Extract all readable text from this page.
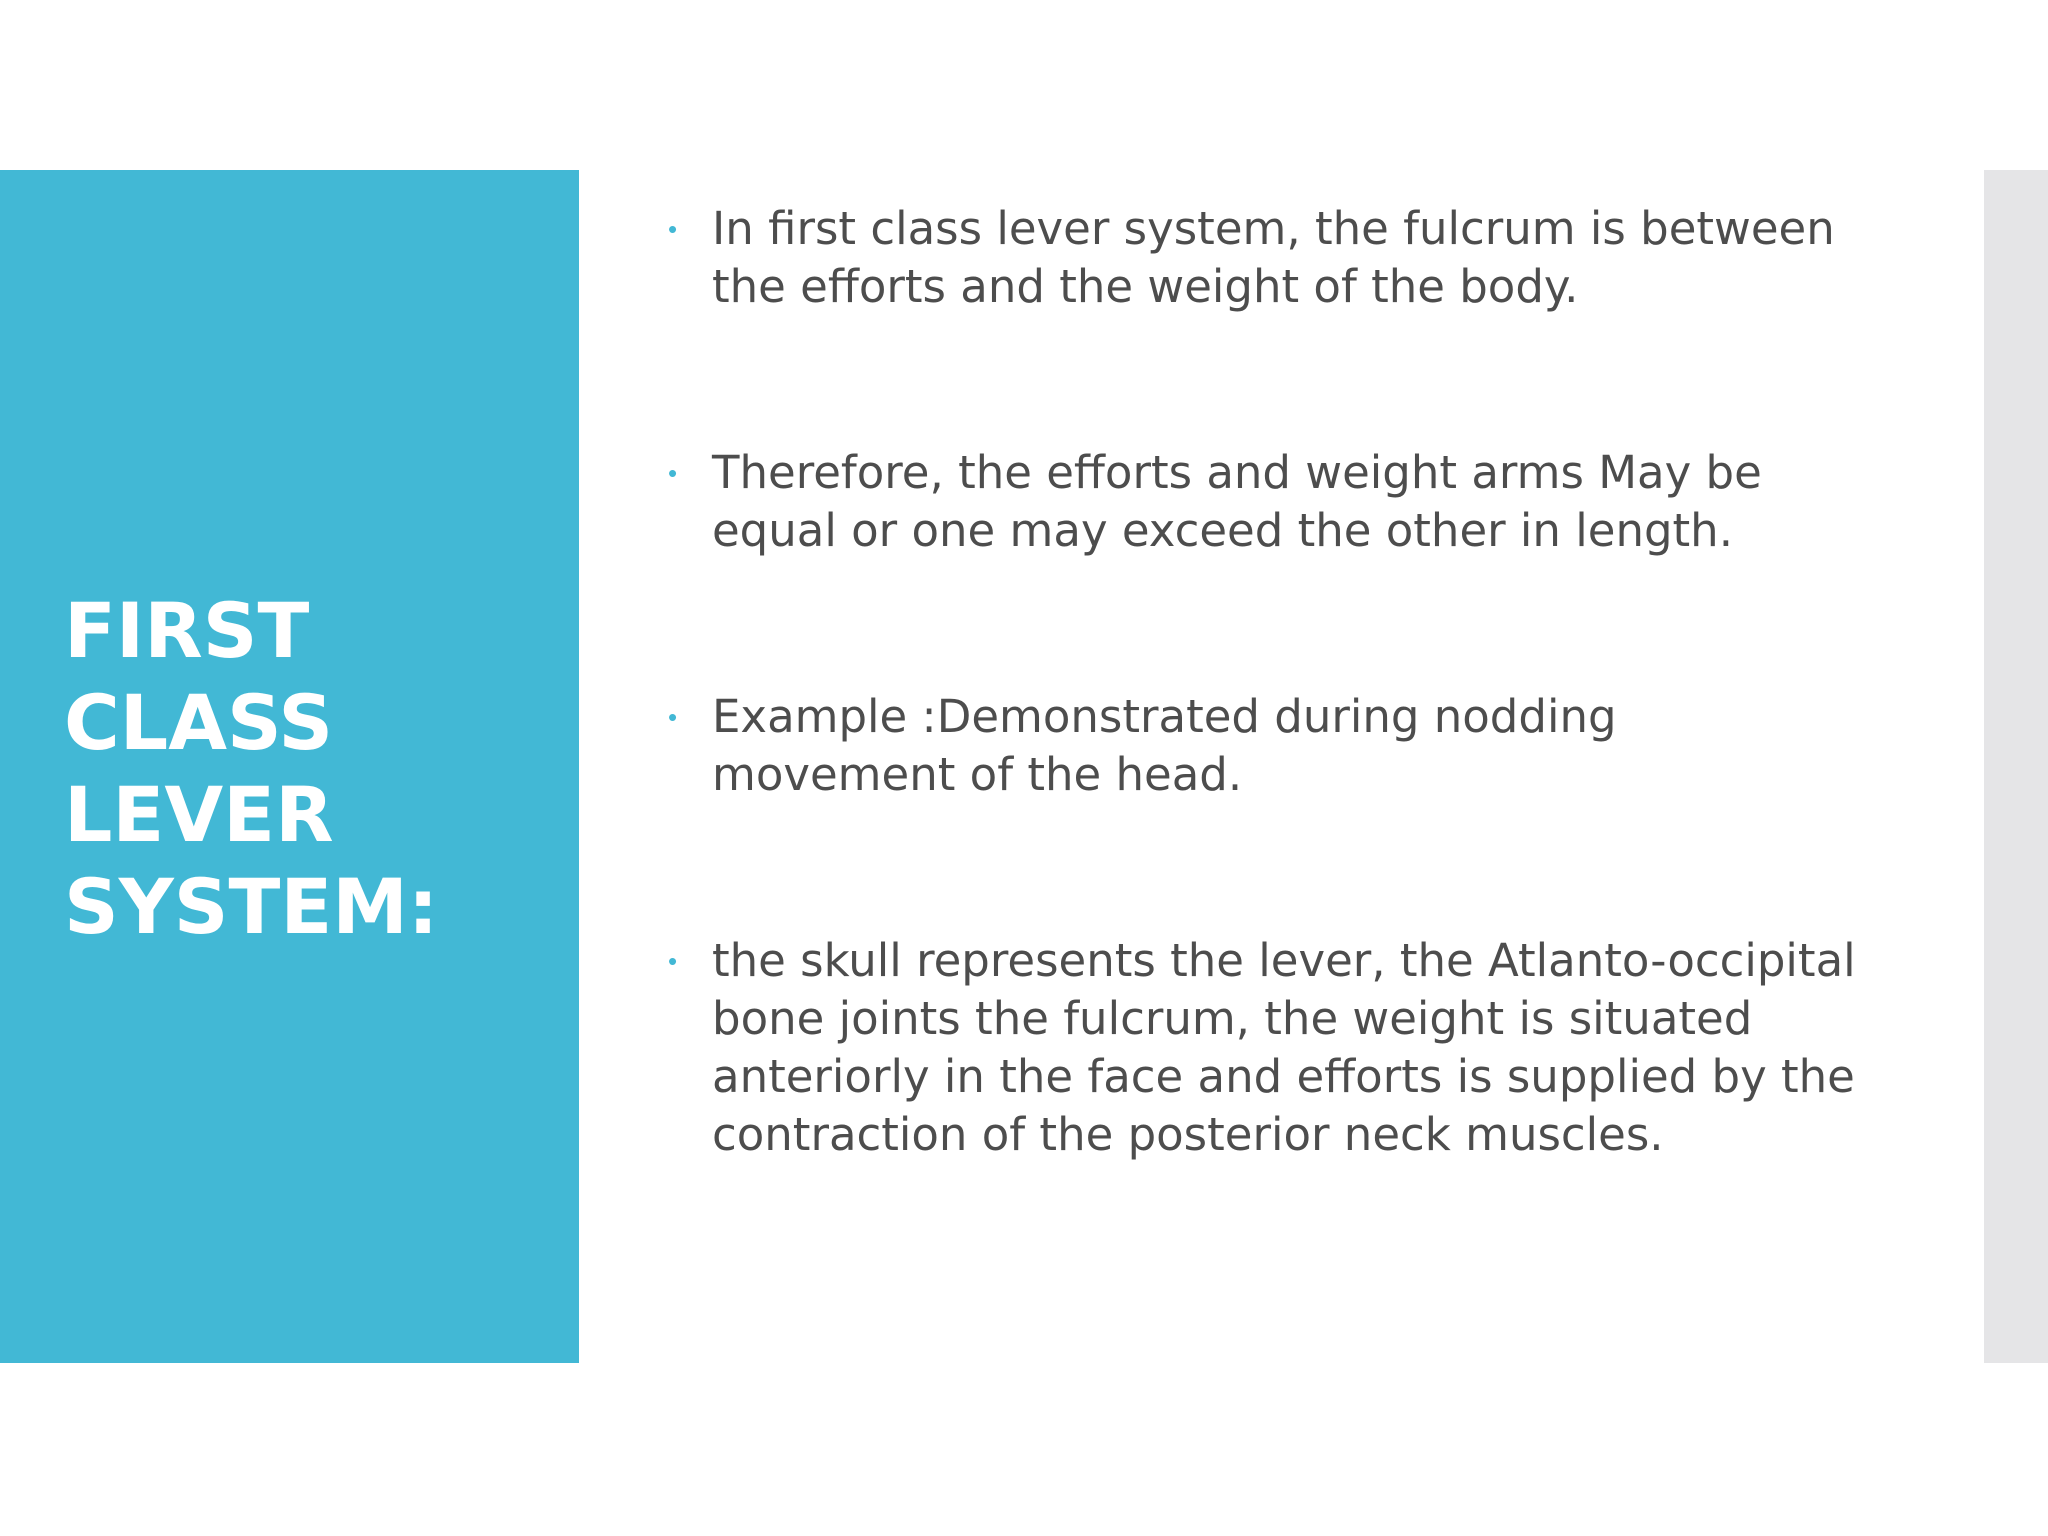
FIRST
CLASS
LEVER
SYSTEM:
• In first class lever system, the fulcrum is between
the efforts and the weight of the body.

• Therefore, the efforts and weight arms May be
equal or one may exceed the other in length.

• Example :Demonstrated during nodding
movement of the head.

• the skull represents the lever, the Atlanto-occipital
bone joints the fulcrum, the weight is situated
anteriorly in the face and efforts is supplied by the
contraction of the posterior neck muscles.
